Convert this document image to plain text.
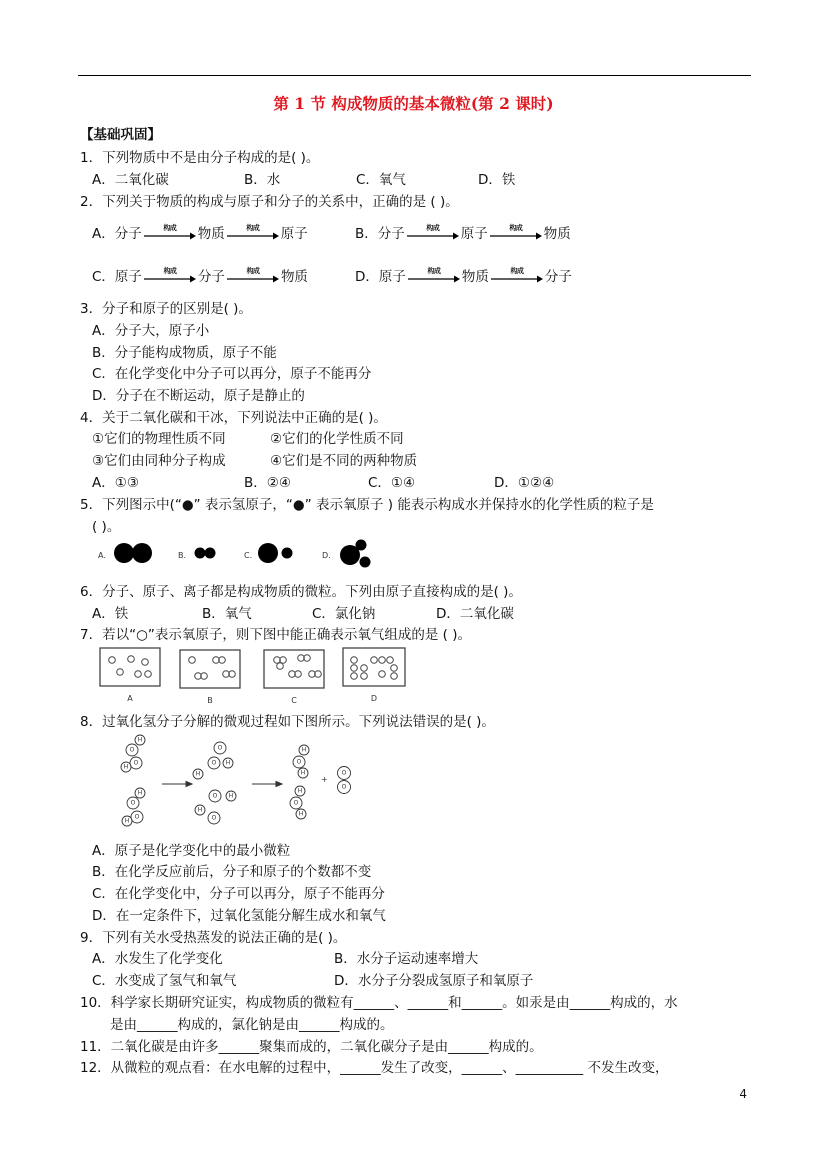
第 1 节 构成物质的基本微粒(第 2 课时)
【基础巩固】
1．下列物质中不是由分子构成的是( )。
A．二氧化碳	B．水	C．氧气	D．铁
2．下列关于物质的构成与原子和分子的关系中，正确的是 ( )。
A．分子	构成 物质	构成 原子	B．分子	构成 原子	构成 物质
C．原子	构成 分子	构成 物质	D．原子	构成 物质	构成 分子
3．分子和原子的区别是( )。
A．分子大，原子小
B．分子能构成物质，原子不能
C．在化学变化中分子可以再分，原子不能再分
D．分子在不断运动，原子是静止的
4．关于二氧化碳和干冰，下列说法中正确的是( )。
①它们的物理性质不同	②它们的化学性质不同
③它们由同种分子构成	④它们是不同的两种物质
A．①③	B．②④	C．①④	D．①②④
5．下列图示中(“●” 表示氢原子，“●” 表示氧原子 ) 能表示构成水并保持水的化学性质的粒子是
( )。
A.	B.	C.	D.
6．分子、原子、离子都是构成物质的微粒。下列由原子直接构成的是( )。
A．铁	B．氧气	C．氯化钠	D．二氧化碳
7．若以“○”表示氧原子，则下图中能正确表示氧气组成的是 ( )。
A	B	C	D
8．过氧化氢分子分解的微观过程如下图所示。下列说法错误的是( )。
H
O
O
H
H
O
O
H
O
O H
H
O H
H
O
H
O
H
H
O
H
O
O
+
A．原子是化学变化中的最小微粒
B．在化学反应前后，分子和原子的个数都不变
C．在化学变化中，分子可以再分，原子不能再分
D．在一定条件下，过氧化氢能分解生成水和氧气
9．下列有关水受热蒸发的说法正确的是( )。
A．水发生了化学变化	B．水分子运动速率增大
C．水变成了氢气和氧气	D．水分子分裂成氢原子和氧原子
10．科学家长期研究证实，构成物质的微粒有______、______和______。如汞是由______构成的，水
是由______构成的，氯化钠是由______构成的。
11．二氧化碳是由许多______聚集而成的，二氧化碳分子是由______构成的。
12．从微粒的观点看：在水电解的过程中，______发生了改变，______、__________ 不发生改变，
4
